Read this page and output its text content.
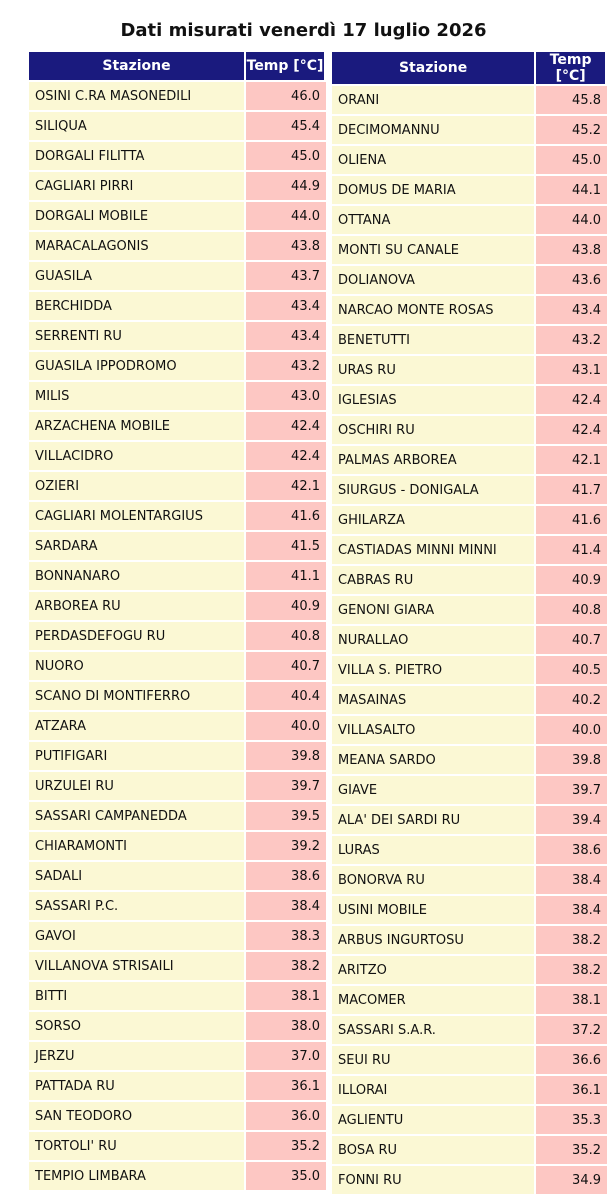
Dati misurati venerdì 17 luglio 2026
Stazione	Temp [°C]
OSINI C.RA MASONEDILI	46.0
SILIQUA	45.4
DORGALI FILITTA	45.0
CAGLIARI PIRRI	44.9
DORGALI MOBILE	44.0
MARACALAGONIS	43.8
GUASILA	43.7
BERCHIDDA	43.4
SERRENTI RU	43.4
GUASILA IPPODROMO	43.2
MILIS	43.0
ARZACHENA MOBILE	42.4
VILLACIDRO	42.4
OZIERI	42.1
CAGLIARI MOLENTARGIUS	41.6
SARDARA	41.5
BONNANARO	41.1
ARBOREA RU	40.9
PERDASDEFOGU RU	40.8
NUORO	40.7
SCANO DI MONTIFERRO	40.4
ATZARA	40.0
PUTIFIGARI	39.8
URZULEI RU	39.7
SASSARI CAMPANEDDA	39.5
CHIARAMONTI	39.2
SADALI	38.6
SASSARI P.C.	38.4
GAVOI	38.3
VILLANOVA STRISAILI	38.2
BITTI	38.1
SORSO	38.0
JERZU	37.0
PATTADA RU	36.1
SAN TEODORO	36.0
TORTOLI' RU	35.2
TEMPIO LIMBARA	35.0
Stazione	Temp [°C]
ORANI	45.8
DECIMOMANNU	45.2
OLIENA	45.0
DOMUS DE MARIA	44.1
OTTANA	44.0
MONTI SU CANALE	43.8
DOLIANOVA	43.6
NARCAO MONTE ROSAS	43.4
BENETUTTI	43.2
URAS RU	43.1
IGLESIAS	42.4
OSCHIRI RU	42.4
PALMAS ARBOREA	42.1
SIURGUS - DONIGALA	41.7
GHILARZA	41.6
CASTIADAS MINNI MINNI	41.4
CABRAS RU	40.9
GENONI GIARA	40.8
NURALLAO	40.7
VILLA S. PIETRO	40.5
MASAINAS	40.2
VILLASALTO	40.0
MEANA SARDO	39.8
GIAVE	39.7
ALA' DEI SARDI RU	39.4
LURAS	38.6
BONORVA RU	38.4
USINI MOBILE	38.4
ARBUS INGURTOSU	38.2
ARITZO	38.2
MACOMER	38.1
SASSARI S.A.R.	37.2
SEUI RU	36.6
ILLORAI	36.1
AGLIENTU	35.3
BOSA RU	35.2
FONNI RU	34.9
